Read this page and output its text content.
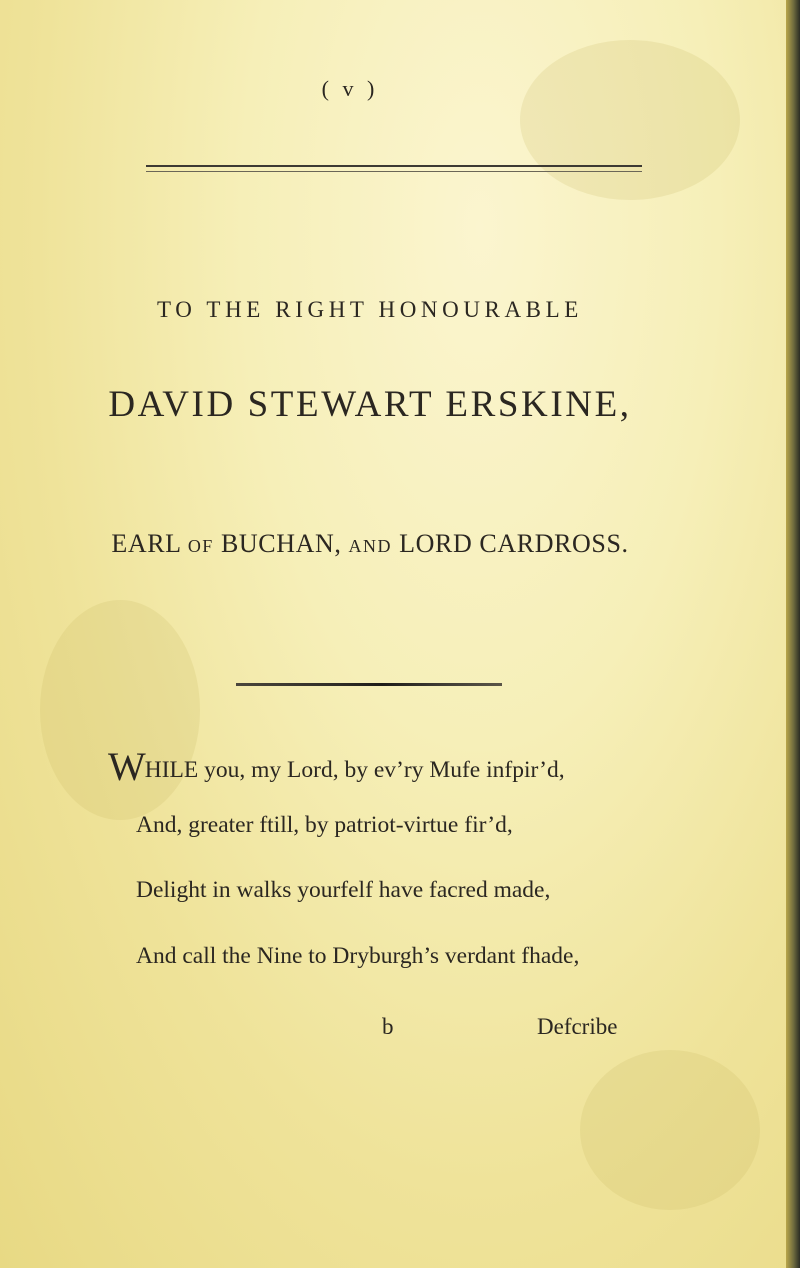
( v )
TO THE RIGHT HONOURABLE
DAVID STEWART ERSKINE,
EARL OF BUCHAN, AND LORD CARDROSS.
WHILE you, my Lord, by ev’ry Mufe infpir’d,
And, greater ftill, by patriot-virtue fir’d,
Delight in walks yourfelf have facred made,
And call the Nine to Dryburgh’s verdant fhade,
b	Defcribe
